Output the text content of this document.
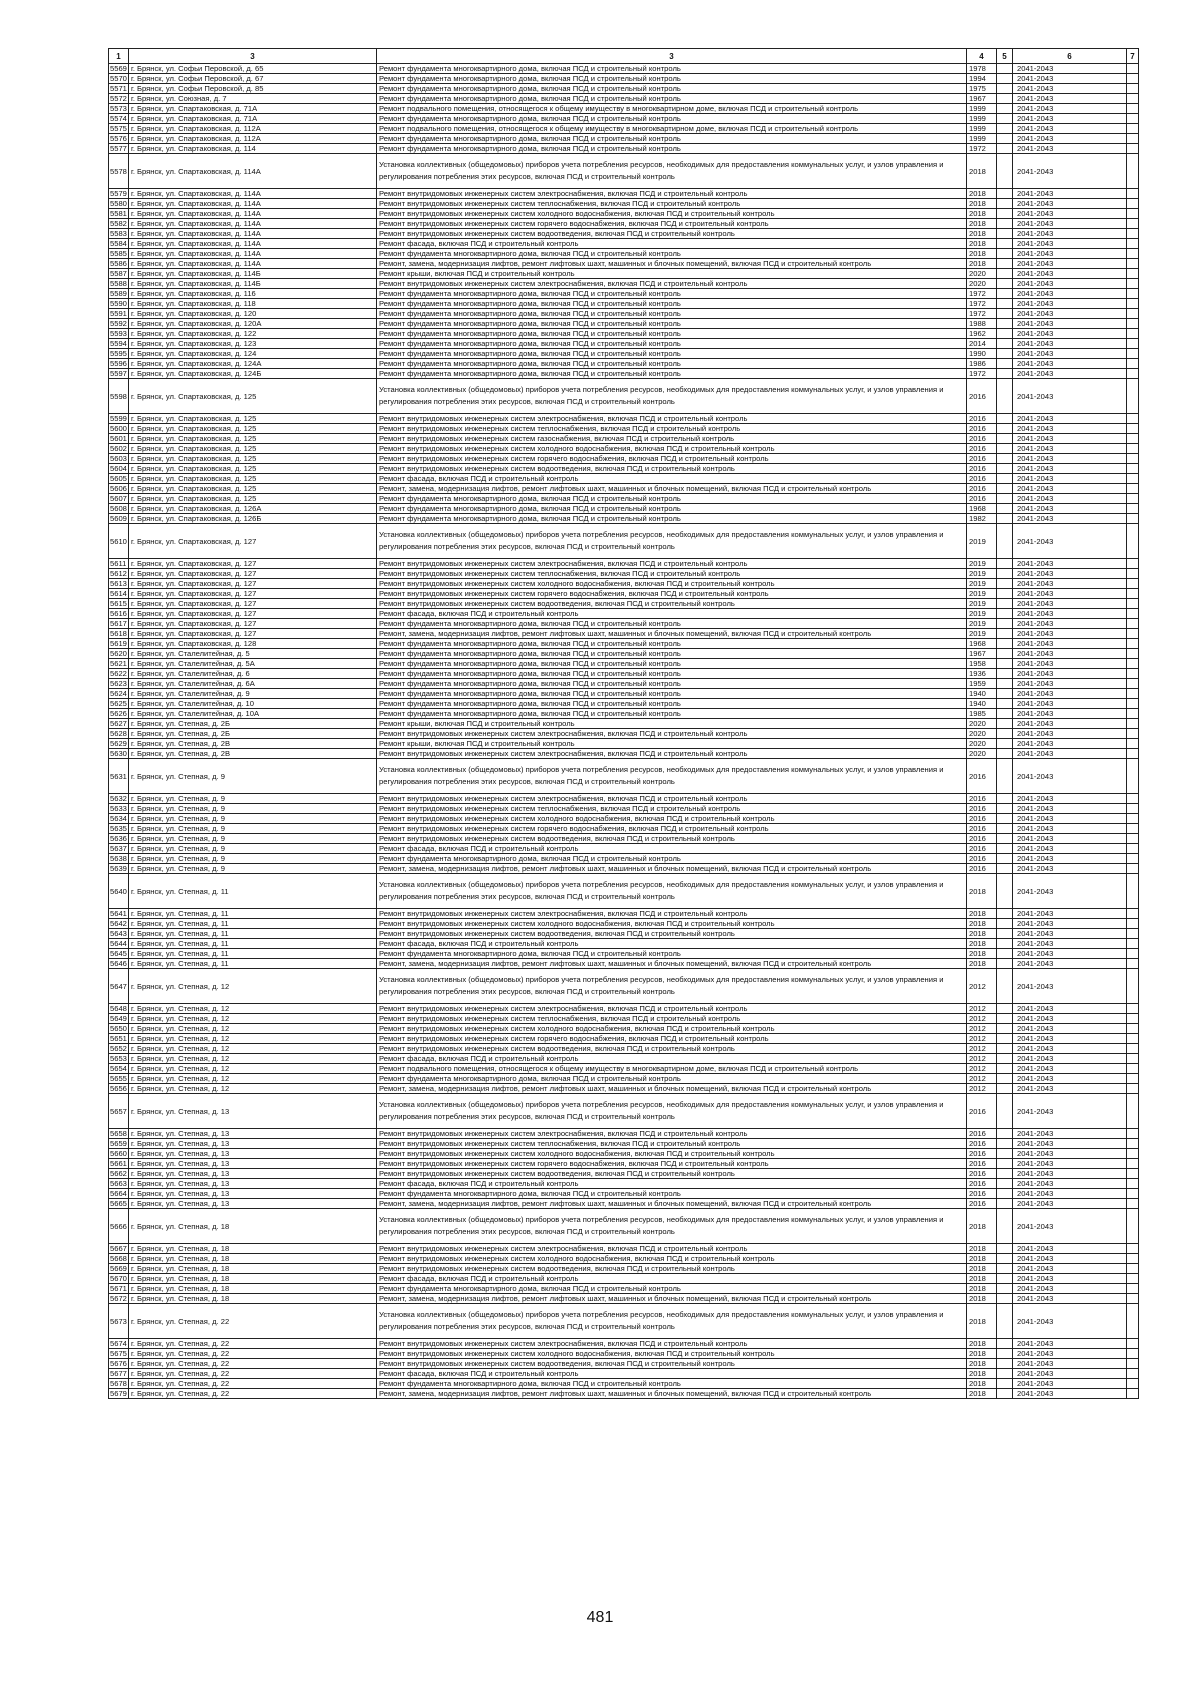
1	3	3	4	5	6	7
5569	г. Брянск, ул. Софьи Перовской, д. 65	Ремонт фундамента многоквартирного дома, включая ПСД и строительный контроль	1978		2041-2043	
5570	г. Брянск, ул. Софьи Перовской, д. 67	Ремонт фундамента многоквартирного дома, включая ПСД и строительный контроль	1994		2041-2043	
5571	г. Брянск, ул. Софьи Перовской, д. 85	Ремонт фундамента многоквартирного дома, включая ПСД и строительный контроль	1975		2041-2043	
5572	г. Брянск, ул. Союзная, д. 7	Ремонт фундамента многоквартирного дома, включая ПСД и строительный контроль	1967		2041-2043	
5573	г. Брянск, ул. Спартаковская, д. 71А	Ремонт подвального помещения, относящегося к общему имуществу в многоквартирном доме, включая ПСД и строительный контроль	1999		2041-2043	
5574	г. Брянск, ул. Спартаковская, д. 71А	Ремонт фундамента многоквартирного дома, включая ПСД и строительный контроль	1999		2041-2043	
5575	г. Брянск, ул. Спартаковская, д. 112А	Ремонт подвального помещения, относящегося к общему имуществу в многоквартирном доме, включая ПСД и строительный контроль	1999		2041-2043	
5576	г. Брянск, ул. Спартаковская, д. 112А	Ремонт фундамента многоквартирного дома, включая ПСД и строительный контроль	1999		2041-2043	
5577	г. Брянск, ул. Спартаковская, д. 114	Ремонт фундамента многоквартирного дома, включая ПСД и строительный контроль	1972		2041-2043	
5578	г. Брянск, ул. Спартаковская, д. 114А	Установка коллективных (общедомовых) приборов учета потребления ресурсов, необходимых для предоставления коммунальных услуг, и узлов управления и регулирования потребления этих ресурсов, включая ПСД и строительный контроль	2018		2041-2043	
5579	г. Брянск, ул. Спартаковская, д. 114А	Ремонт внутридомовых инженерных систем электроснабжения, включая ПСД и строительный контроль	2018		2041-2043	
5580	г. Брянск, ул. Спартаковская, д. 114А	Ремонт внутридомовых инженерных систем теплоснабжения, включая ПСД и строительный контроль	2018		2041-2043	
5581	г. Брянск, ул. Спартаковская, д. 114А	Ремонт внутридомовых инженерных систем холодного водоснабжения, включая ПСД и строительный контроль	2018		2041-2043	
5582	г. Брянск, ул. Спартаковская, д. 114А	Ремонт внутридомовых инженерных систем горячего водоснабжения, включая ПСД и строительный контроль	2018		2041-2043	
5583	г. Брянск, ул. Спартаковская, д. 114А	Ремонт внутридомовых инженерных систем водоотведения, включая ПСД и строительный контроль	2018		2041-2043	
5584	г. Брянск, ул. Спартаковская, д. 114А	Ремонт фасада, включая ПСД и строительный контроль	2018		2041-2043	
5585	г. Брянск, ул. Спартаковская, д. 114А	Ремонт фундамента многоквартирного дома, включая ПСД и строительный контроль	2018		2041-2043	
5586	г. Брянск, ул. Спартаковская, д. 114А	Ремонт, замена, модернизация лифтов, ремонт лифтовых шахт, машинных и блочных помещений, включая ПСД и строительный контроль	2018		2041-2043	
5587	г. Брянск, ул. Спартаковская, д. 114Б	Ремонт крыши, включая ПСД и строительный контроль	2020		2041-2043	
5588	г. Брянск, ул. Спартаковская, д. 114Б	Ремонт внутридомовых инженерных систем электроснабжения, включая ПСД и строительный контроль	2020		2041-2043	
5589	г. Брянск, ул. Спартаковская, д. 116	Ремонт фундамента многоквартирного дома, включая ПСД и строительный контроль	1972		2041-2043	
5590	г. Брянск, ул. Спартаковская, д. 118	Ремонт фундамента многоквартирного дома, включая ПСД и строительный контроль	1972		2041-2043	
5591	г. Брянск, ул. Спартаковская, д. 120	Ремонт фундамента многоквартирного дома, включая ПСД и строительный контроль	1972		2041-2043	
5592	г. Брянск, ул. Спартаковская, д. 120А	Ремонт фундамента многоквартирного дома, включая ПСД и строительный контроль	1988		2041-2043	
5593	г. Брянск, ул. Спартаковская, д. 122	Ремонт фундамента многоквартирного дома, включая ПСД и строительный контроль	1962		2041-2043	
5594	г. Брянск, ул. Спартаковская, д. 123	Ремонт фундамента многоквартирного дома, включая ПСД и строительный контроль	2014		2041-2043	
5595	г. Брянск, ул. Спартаковская, д. 124	Ремонт фундамента многоквартирного дома, включая ПСД и строительный контроль	1990		2041-2043	
5596	г. Брянск, ул. Спартаковская, д. 124А	Ремонт фундамента многоквартирного дома, включая ПСД и строительный контроль	1986		2041-2043	
5597	г. Брянск, ул. Спартаковская, д. 124Б	Ремонт фундамента многоквартирного дома, включая ПСД и строительный контроль	1972		2041-2043	
5598	г. Брянск, ул. Спартаковская, д. 125	Установка коллективных (общедомовых) приборов учета потребления ресурсов, необходимых для предоставления коммунальных услуг, и узлов управления и регулирования потребления этих ресурсов, включая ПСД и строительный контроль	2016		2041-2043	
5599	г. Брянск, ул. Спартаковская, д. 125	Ремонт внутридомовых инженерных систем электроснабжения, включая ПСД и строительный контроль	2016		2041-2043	
5600	г. Брянск, ул. Спартаковская, д. 125	Ремонт внутридомовых инженерных систем теплоснабжения, включая ПСД и строительный контроль	2016		2041-2043	
5601	г. Брянск, ул. Спартаковская, д. 125	Ремонт внутридомовых инженерных систем газоснабжения, включая ПСД и строительный контроль	2016		2041-2043	
5602	г. Брянск, ул. Спартаковская, д. 125	Ремонт внутридомовых инженерных систем холодного водоснабжения, включая ПСД и строительный контроль	2016		2041-2043	
5603	г. Брянск, ул. Спартаковская, д. 125	Ремонт внутридомовых инженерных систем горячего водоснабжения, включая ПСД и строительный контроль	2016		2041-2043	
5604	г. Брянск, ул. Спартаковская, д. 125	Ремонт внутридомовых инженерных систем водоотведения, включая ПСД и строительный контроль	2016		2041-2043	
5605	г. Брянск, ул. Спартаковская, д. 125	Ремонт фасада, включая ПСД и строительный контроль	2016		2041-2043	
5606	г. Брянск, ул. Спартаковская, д. 125	Ремонт, замена, модернизация лифтов, ремонт лифтовых шахт, машинных и блочных помещений, включая ПСД и строительный контроль	2016		2041-2043	
5607	г. Брянск, ул. Спартаковская, д. 125	Ремонт фундамента многоквартирного дома, включая ПСД и строительный контроль	2016		2041-2043	
5608	г. Брянск, ул. Спартаковская, д. 126А	Ремонт фундамента многоквартирного дома, включая ПСД и строительный контроль	1968		2041-2043	
5609	г. Брянск, ул. Спартаковская, д. 126Б	Ремонт фундамента многоквартирного дома, включая ПСД и строительный контроль	1982		2041-2043	
5610	г. Брянск, ул. Спартаковская, д. 127	Установка коллективных (общедомовых) приборов учета потребления ресурсов, необходимых для предоставления коммунальных услуг, и узлов управления и регулирования потребления этих ресурсов, включая ПСД и строительный контроль	2019		2041-2043	
5611	г. Брянск, ул. Спартаковская, д. 127	Ремонт внутридомовых инженерных систем электроснабжения, включая ПСД и строительный контроль	2019		2041-2043	
5612	г. Брянск, ул. Спартаковская, д. 127	Ремонт внутридомовых инженерных систем теплоснабжения, включая ПСД и строительный контроль	2019		2041-2043	
5613	г. Брянск, ул. Спартаковская, д. 127	Ремонт внутридомовых инженерных систем холодного водоснабжения, включая ПСД и строительный контроль	2019		2041-2043	
5614	г. Брянск, ул. Спартаковская, д. 127	Ремонт внутридомовых инженерных систем горячего водоснабжения, включая ПСД и строительный контроль	2019		2041-2043	
5615	г. Брянск, ул. Спартаковская, д. 127	Ремонт внутридомовых инженерных систем водоотведения, включая ПСД и строительный контроль	2019		2041-2043	
5616	г. Брянск, ул. Спартаковская, д. 127	Ремонт фасада, включая ПСД и строительный контроль	2019		2041-2043	
5617	г. Брянск, ул. Спартаковская, д. 127	Ремонт фундамента многоквартирного дома, включая ПСД и строительный контроль	2019		2041-2043	
5618	г. Брянск, ул. Спартаковская, д. 127	Ремонт, замена, модернизация лифтов, ремонт лифтовых шахт, машинных и блочных помещений, включая ПСД и строительный контроль	2019		2041-2043	
5619	г. Брянск, ул. Спартаковская, д. 128	Ремонт фундамента многоквартирного дома, включая ПСД и строительный контроль	1968		2041-2043	
5620	г. Брянск, ул. Сталелитейная, д. 5	Ремонт фундамента многоквартирного дома, включая ПСД и строительный контроль	1967		2041-2043	
5621	г. Брянск, ул. Сталелитейная, д. 5А	Ремонт фундамента многоквартирного дома, включая ПСД и строительный контроль	1958		2041-2043	
5622	г. Брянск, ул. Сталелитейная, д. 6	Ремонт фундамента многоквартирного дома, включая ПСД и строительный контроль	1936		2041-2043	
5623	г. Брянск, ул. Сталелитейная, д. 6А	Ремонт фундамента многоквартирного дома, включая ПСД и строительный контроль	1959		2041-2043	
5624	г. Брянск, ул. Сталелитейная, д. 9	Ремонт фундамента многоквартирного дома, включая ПСД и строительный контроль	1940		2041-2043	
5625	г. Брянск, ул. Сталелитейная, д. 10	Ремонт фундамента многоквартирного дома, включая ПСД и строительный контроль	1940		2041-2043	
5626	г. Брянск, ул. Сталелитейная, д. 10А	Ремонт фундамента многоквартирного дома, включая ПСД и строительный контроль	1985		2041-2043	
5627	г. Брянск, ул. Степная, д. 2Б	Ремонт крыши, включая ПСД и строительный контроль	2020		2041-2043	
5628	г. Брянск, ул. Степная, д. 2Б	Ремонт внутридомовых инженерных систем электроснабжения, включая ПСД и строительный контроль	2020		2041-2043	
5629	г. Брянск, ул. Степная, д. 2В	Ремонт крыши, включая ПСД и строительный контроль	2020		2041-2043	
5630	г. Брянск, ул. Степная, д. 2В	Ремонт внутридомовых инженерных систем электроснабжения, включая ПСД и строительный контроль	2020		2041-2043	
5631	г. Брянск, ул. Степная, д. 9	Установка коллективных (общедомовых) приборов учета потребления ресурсов, необходимых для предоставления коммунальных услуг, и узлов управления и регулирования потребления этих ресурсов, включая ПСД и строительный контроль	2016		2041-2043	
5632	г. Брянск, ул. Степная, д. 9	Ремонт внутридомовых инженерных систем электроснабжения, включая ПСД и строительный контроль	2016		2041-2043	
5633	г. Брянск, ул. Степная, д. 9	Ремонт внутридомовых инженерных систем теплоснабжения, включая ПСД и строительный контроль	2016		2041-2043	
5634	г. Брянск, ул. Степная, д. 9	Ремонт внутридомовых инженерных систем холодного водоснабжения, включая ПСД и строительный контроль	2016		2041-2043	
5635	г. Брянск, ул. Степная, д. 9	Ремонт внутридомовых инженерных систем горячего водоснабжения, включая ПСД и строительный контроль	2016		2041-2043	
5636	г. Брянск, ул. Степная, д. 9	Ремонт внутридомовых инженерных систем водоотведения, включая ПСД и строительный контроль	2016		2041-2043	
5637	г. Брянск, ул. Степная, д. 9	Ремонт фасада, включая ПСД и строительный контроль	2016		2041-2043	
5638	г. Брянск, ул. Степная, д. 9	Ремонт фундамента многоквартирного дома, включая ПСД и строительный контроль	2016		2041-2043	
5639	г. Брянск, ул. Степная, д. 9	Ремонт, замена, модернизация лифтов, ремонт лифтовых шахт, машинных и блочных помещений, включая ПСД и строительный контроль	2016		2041-2043	
5640	г. Брянск, ул. Степная, д. 11	Установка коллективных (общедомовых) приборов учета потребления ресурсов, необходимых для предоставления коммунальных услуг, и узлов управления и регулирования потребления этих ресурсов, включая ПСД и строительный контроль	2018		2041-2043	
5641	г. Брянск, ул. Степная, д. 11	Ремонт внутридомовых инженерных систем электроснабжения, включая ПСД и строительный контроль	2018		2041-2043	
5642	г. Брянск, ул. Степная, д. 11	Ремонт внутридомовых инженерных систем холодного водоснабжения, включая ПСД и строительный контроль	2018		2041-2043	
5643	г. Брянск, ул. Степная, д. 11	Ремонт внутридомовых инженерных систем водоотведения, включая ПСД и строительный контроль	2018		2041-2043	
5644	г. Брянск, ул. Степная, д. 11	Ремонт фасада, включая ПСД и строительный контроль	2018		2041-2043	
5645	г. Брянск, ул. Степная, д. 11	Ремонт фундамента многоквартирного дома, включая ПСД и строительный контроль	2018		2041-2043	
5646	г. Брянск, ул. Степная, д. 11	Ремонт, замена, модернизация лифтов, ремонт лифтовых шахт, машинных и блочных помещений, включая ПСД и строительный контроль	2018		2041-2043	
5647	г. Брянск, ул. Степная, д. 12	Установка коллективных (общедомовых) приборов учета потребления ресурсов, необходимых для предоставления коммунальных услуг, и узлов управления и регулирования потребления этих ресурсов, включая ПСД и строительный контроль	2012		2041-2043	
5648	г. Брянск, ул. Степная, д. 12	Ремонт внутридомовых инженерных систем электроснабжения, включая ПСД и строительный контроль	2012		2041-2043	
5649	г. Брянск, ул. Степная, д. 12	Ремонт внутридомовых инженерных систем теплоснабжения, включая ПСД и строительный контроль	2012		2041-2043	
5650	г. Брянск, ул. Степная, д. 12	Ремонт внутридомовых инженерных систем холодного водоснабжения, включая ПСД и строительный контроль	2012		2041-2043	
5651	г. Брянск, ул. Степная, д. 12	Ремонт внутридомовых инженерных систем горячего водоснабжения, включая ПСД и строительный контроль	2012		2041-2043	
5652	г. Брянск, ул. Степная, д. 12	Ремонт внутридомовых инженерных систем водоотведения, включая ПСД и строительный контроль	2012		2041-2043	
5653	г. Брянск, ул. Степная, д. 12	Ремонт фасада, включая ПСД и строительный контроль	2012		2041-2043	
5654	г. Брянск, ул. Степная, д. 12	Ремонт подвального помещения, относящегося к общему имуществу в многоквартирном доме, включая ПСД и строительный контроль	2012		2041-2043	
5655	г. Брянск, ул. Степная, д. 12	Ремонт фундамента многоквартирного дома, включая ПСД и строительный контроль	2012		2041-2043	
5656	г. Брянск, ул. Степная, д. 12	Ремонт, замена, модернизация лифтов, ремонт лифтовых шахт, машинных и блочных помещений, включая ПСД и строительный контроль	2012		2041-2043	
5657	г. Брянск, ул. Степная, д. 13	Установка коллективных (общедомовых) приборов учета потребления ресурсов, необходимых для предоставления коммунальных услуг, и узлов управления и регулирования потребления этих ресурсов, включая ПСД и строительный контроль	2016		2041-2043	
5658	г. Брянск, ул. Степная, д. 13	Ремонт внутридомовых инженерных систем электроснабжения, включая ПСД и строительный контроль	2016		2041-2043	
5659	г. Брянск, ул. Степная, д. 13	Ремонт внутридомовых инженерных систем теплоснабжения, включая ПСД и строительный контроль	2016		2041-2043	
5660	г. Брянск, ул. Степная, д. 13	Ремонт внутридомовых инженерных систем холодного водоснабжения, включая ПСД и строительный контроль	2016		2041-2043	
5661	г. Брянск, ул. Степная, д. 13	Ремонт внутридомовых инженерных систем горячего водоснабжения, включая ПСД и строительный контроль	2016		2041-2043	
5662	г. Брянск, ул. Степная, д. 13	Ремонт внутридомовых инженерных систем водоотведения, включая ПСД и строительный контроль	2016		2041-2043	
5663	г. Брянск, ул. Степная, д. 13	Ремонт фасада, включая ПСД и строительный контроль	2016		2041-2043	
5664	г. Брянск, ул. Степная, д. 13	Ремонт фундамента многоквартирного дома, включая ПСД и строительный контроль	2016		2041-2043	
5665	г. Брянск, ул. Степная, д. 13	Ремонт, замена, модернизация лифтов, ремонт лифтовых шахт, машинных и блочных помещений, включая ПСД и строительный контроль	2016		2041-2043	
5666	г. Брянск, ул. Степная, д. 18	Установка коллективных (общедомовых) приборов учета потребления ресурсов, необходимых для предоставления коммунальных услуг, и узлов управления и регулирования потребления этих ресурсов, включая ПСД и строительный контроль	2018		2041-2043	
5667	г. Брянск, ул. Степная, д. 18	Ремонт внутридомовых инженерных систем электроснабжения, включая ПСД и строительный контроль	2018		2041-2043	
5668	г. Брянск, ул. Степная, д. 18	Ремонт внутридомовых инженерных систем холодного водоснабжения, включая ПСД и строительный контроль	2018		2041-2043	
5669	г. Брянск, ул. Степная, д. 18	Ремонт внутридомовых инженерных систем водоотведения, включая ПСД и строительный контроль	2018		2041-2043	
5670	г. Брянск, ул. Степная, д. 18	Ремонт фасада, включая ПСД и строительный контроль	2018		2041-2043	
5671	г. Брянск, ул. Степная, д. 18	Ремонт фундамента многоквартирного дома, включая ПСД и строительный контроль	2018		2041-2043	
5672	г. Брянск, ул. Степная, д. 18	Ремонт, замена, модернизация лифтов, ремонт лифтовых шахт, машинных и блочных помещений, включая ПСД и строительный контроль	2018		2041-2043	
5673	г. Брянск, ул. Степная, д. 22	Установка коллективных (общедомовых) приборов учета потребления ресурсов, необходимых для предоставления коммунальных услуг, и узлов управления и регулирования потребления этих ресурсов, включая ПСД и строительный контроль	2018		2041-2043	
5674	г. Брянск, ул. Степная, д. 22	Ремонт внутридомовых инженерных систем электроснабжения, включая ПСД и строительный контроль	2018		2041-2043	
5675	г. Брянск, ул. Степная, д. 22	Ремонт внутридомовых инженерных систем холодного водоснабжения, включая ПСД и строительный контроль	2018		2041-2043	
5676	г. Брянск, ул. Степная, д. 22	Ремонт внутридомовых инженерных систем водоотведения, включая ПСД и строительный контроль	2018		2041-2043	
5677	г. Брянск, ул. Степная, д. 22	Ремонт фасада, включая ПСД и строительный контроль	2018		2041-2043	
5678	г. Брянск, ул. Степная, д. 22	Ремонт фундамента многоквартирного дома, включая ПСД и строительный контроль	2018		2041-2043	
5679	г. Брянск, ул. Степная, д. 22	Ремонт, замена, модернизация лифтов, ремонт лифтовых шахт, машинных и блочных помещений, включая ПСД и строительный контроль	2018		2041-2043	
481
